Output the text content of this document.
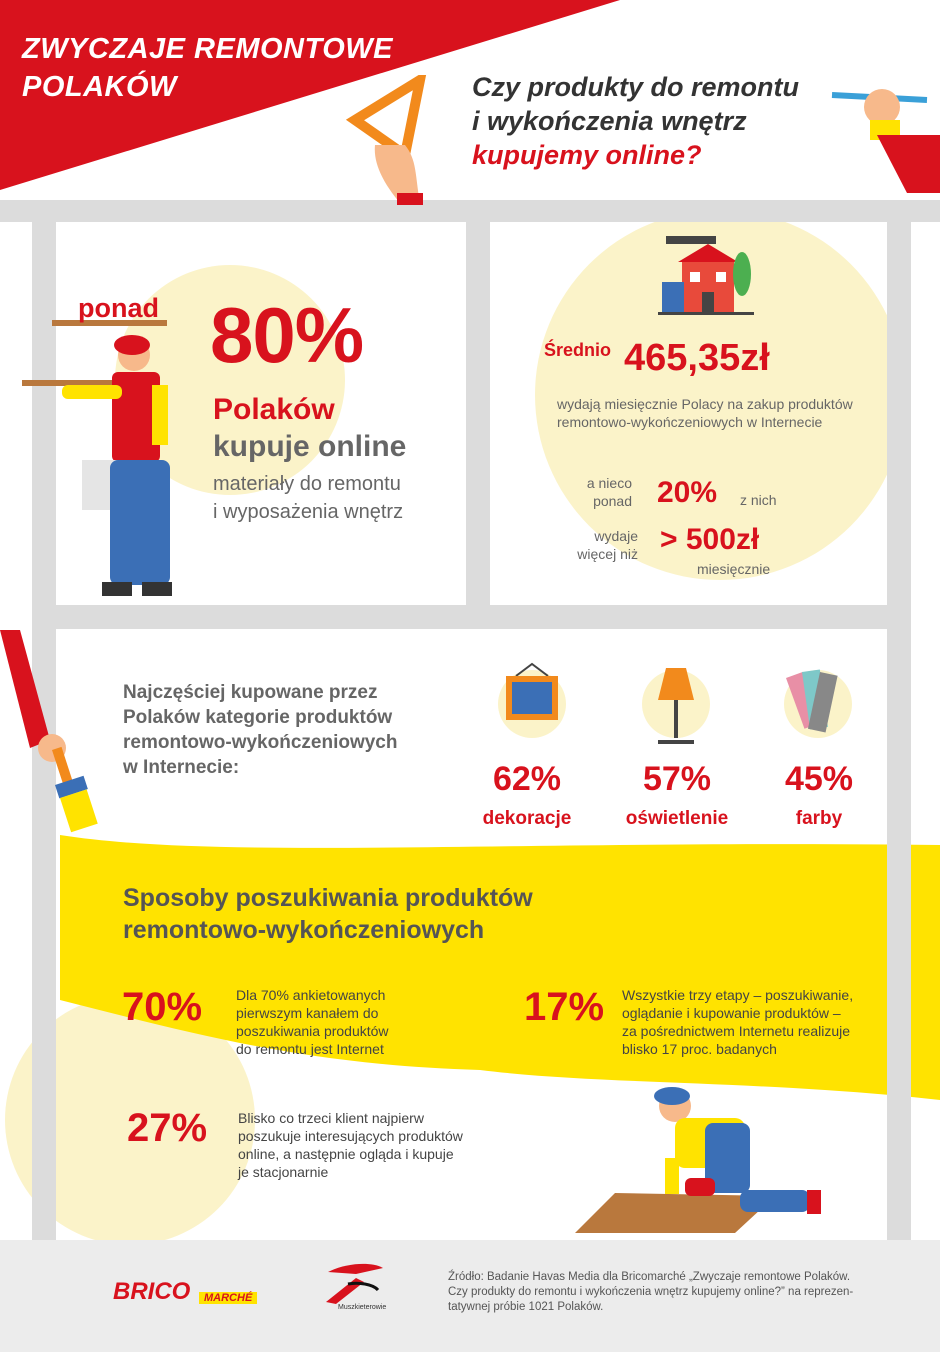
ZWYCZAJE REMONTOWE
POLAKÓW	Czy produkty do remontu
i wykończenia wnętrz
kupujemy online?
ponad 80%
Polaków
kupuje online
materiały do remontu
i wyposażenia wnętrz
Średnio 465,35zł
wydają miesięcznie Polacy na zakup produktów remontowo-wykończeniowych w Internecie
a nieco
ponad 20% z nich
wydaje
więcej niż > 500zł
miesięcznie
Najczęściej kupowane przez
Polaków kategorie produktów
remontowo-wykończeniowych
w Internecie:	62%
dekoracje
57%
oświetlenie
45%
farby
Sposoby poszukiwania produktów
remontowo-wykończeniowych
70% Dla 70% ankietowanych
pierwszym kanałem do
poszukiwania produktów
do remontu jest Internet
17% Wszystkie trzy etapy – poszukiwanie,
oglądanie i kupowanie produktów –
za pośrednictwem Internetu realizuje
blisko 17 proc. badanych
27% Blisko co trzeci klient najpierw
poszukuje interesujących produktów
online, a następnie ogląda i kupuje
je stacjonarnie
BRICO	MARCHÉ
Muszkieterowie
Źródło: Badanie Havas Media dla Bricomarché „Zwyczaje remontowe Polaków.
Czy produkty do remontu i wykończenia wnętrz kupujemy online?” na reprezen-
tatywnej próbie 1021 Polaków.
